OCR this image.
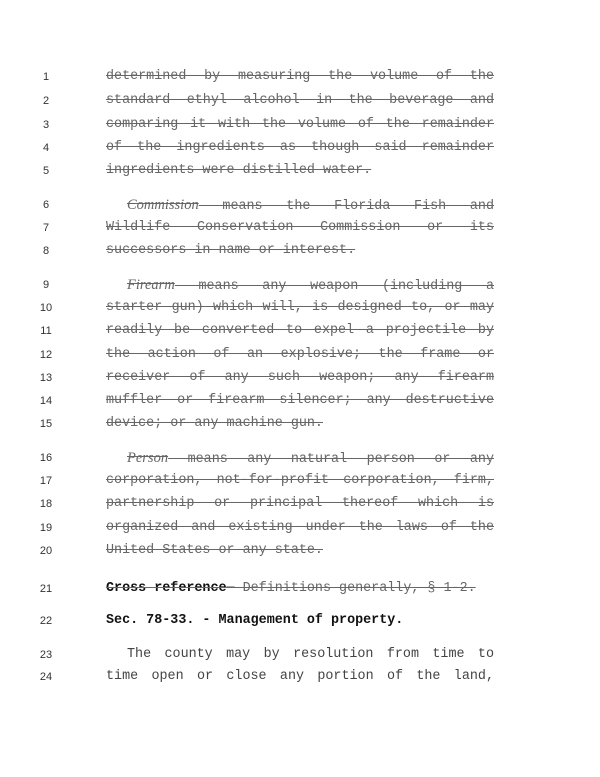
1
2
3
4
5
6
7
8
9
10
11
12
13
14
15
16
17
18
19
20
21
22
23
24
determined by measuring the volume of the
standard ethyl alcohol in the beverage and
comparing it with the volume of the remainder
of the ingredients as though said remainder
ingredients were distilled water.
Commission means the Florida Fish and
Wildlife Conservation Commission or its
successors in name or interest.
Firearm means any weapon (including a
starter gun) which will, is designed to, or may
readily be converted to expel a projectile by
the action of an explosive; the frame or
receiver of any such weapon; any firearm
muffler or firearm silencer; any destructive
device; or any machine gun.
Person means any natural person or any
corporation, not-for-profit corporation, firm,
partnership or principal thereof which is
organized and existing under the laws of the
United States or any state.
Cross reference— Definitions generally, § 1-2.
Sec. 78-33. - Management of property.
The county may by resolution from time to
time open or close any portion of the land,
